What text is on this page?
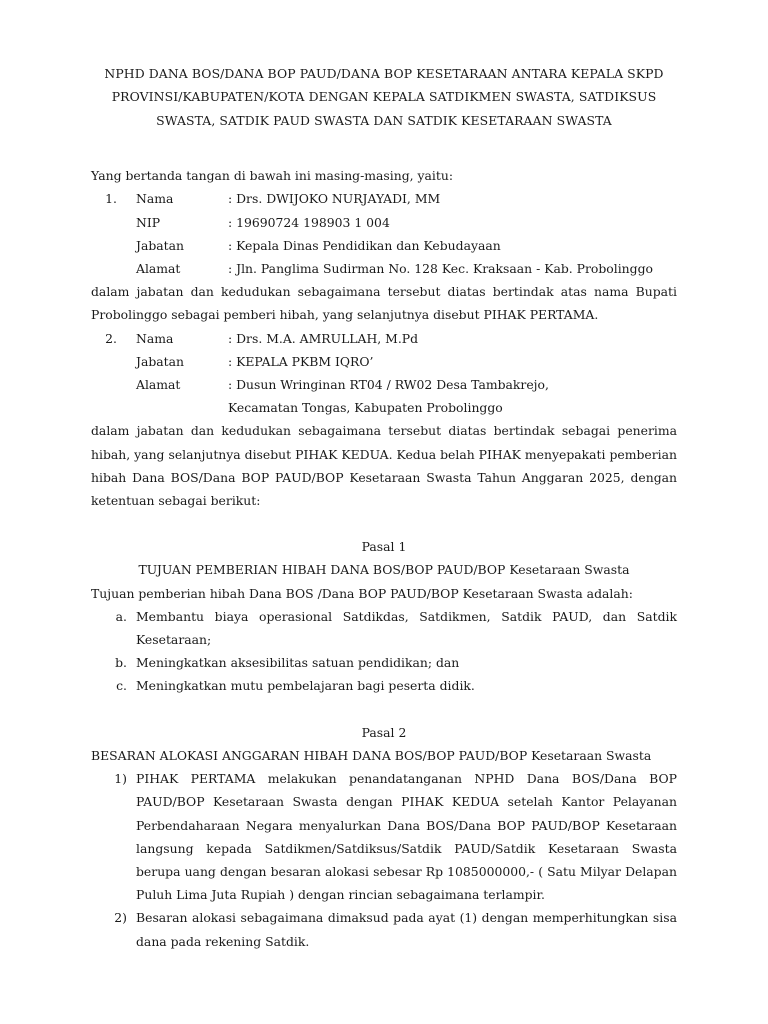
NPHD DANA BOS/DANA BOP PAUD/DANA BOP KESETARAAN ANTARA KEPALA SKPD
PROVINSI/KABUPATEN/KOTA DENGAN KEPALA SATDIKMEN SWASTA, SATDIKSUS
SWASTA, SATDIK PAUD SWASTA DAN SATDIK KESETARAAN SWASTA

Yang bertanda tangan di bawah ini masing-masing, yaitu:

1.	Nama	: Drs. DWIJOKO NURJAYADI, MM
NIP	: 19690724 198903 1 004
Jabatan	: Kepala Dinas Pendidikan dan Kebudayaan
Alamat	: Jln. Panglima Sudirman No. 128 Kec. Kraksaan - Kab. Probolinggo

dalam jabatan dan kedudukan sebagaimana tersebut diatas bertindak atas nama Bupati Probolinggo sebagai pemberi hibah, yang selanjutnya disebut PIHAK PERTAMA.

2.	Nama	: Drs. M.A. AMRULLAH, M.Pd
Jabatan	: KEPALA PKBM IQRO’
Alamat	: Dusun Wringinan RT04 / RW02 Desa Tambakrejo,
Kecamatan Tongas, Kabupaten Probolinggo

dalam jabatan dan kedudukan sebagaimana tersebut diatas bertindak sebagai penerima hibah, yang selanjutnya disebut PIHAK KEDUA. Kedua belah PIHAK menyepakati pemberian hibah Dana BOS/Dana BOP PAUD/BOP Kesetaraan Swasta Tahun Anggaran 2025, dengan ketentuan sebagai berikut:

Pasal 1
TUJUAN PEMBERIAN HIBAH DANA BOS/BOP PAUD/BOP Kesetaraan Swasta

Tujuan pemberian hibah Dana BOS /Dana BOP PAUD/BOP Kesetaraan Swasta adalah:

a. Membantu biaya operasional Satdikdas, Satdikmen, Satdik PAUD, dan Satdik Kesetaraan;
b. Meningkatkan aksesibilitas satuan pendidikan; dan
c. Meningkatkan mutu pembelajaran bagi peserta didik.
Pasal 2

BESARAN ALOKASI ANGGARAN HIBAH DANA BOS/BOP PAUD/BOP Kesetaraan Swasta

1) PIHAK PERTAMA melakukan penandatanganan NPHD Dana BOS/Dana BOP PAUD/BOP Kesetaraan Swasta dengan PIHAK KEDUA setelah Kantor Pelayanan Perbendaharaan Negara menyalurkan Dana BOS/Dana BOP PAUD/BOP Kesetaraan langsung kepada Satdikmen/Satdiksus/Satdik PAUD/Satdik Kesetaraan Swasta berupa uang dengan besaran alokasi sebesar Rp 1085000000,- ( Satu Milyar Delapan Puluh Lima Juta Rupiah ) dengan rincian sebagaimana terlampir.
2) Besaran alokasi sebagaimana dimaksud pada ayat (1) dengan memperhitungkan sisa dana pada rekening Satdik.
